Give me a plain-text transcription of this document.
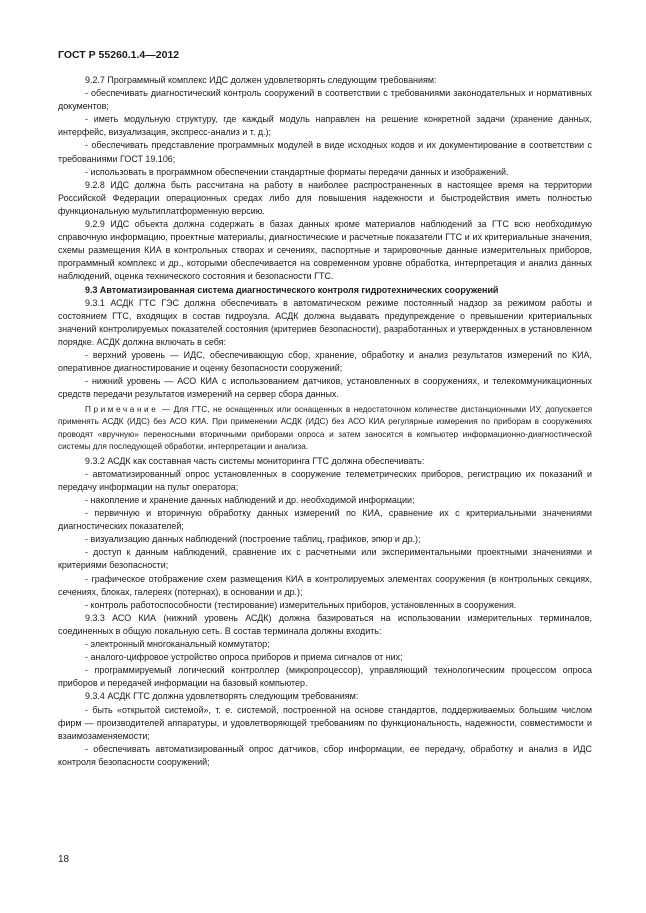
ГОСТ Р 55260.1.4—2012

9.2.7 Программный комплекс ИДС должен удовлетворять следующим требованиям:

- обеспечивать диагностический контроль сооружений в соответствии с требованиями законодательных и нормативных документов;

- иметь модульную структуру, где каждый модуль направлен на решение конкретной задачи (хранение данных, интерфейс, визуализация, экспресс-анализ и т. д.);

- обеспечивать представление программных модулей в виде исходных кодов и их документирование в соответствии с требованиями ГОСТ 19.106;

- использовать в программном обеспечении стандартные форматы передачи данных и изображений.

9.2.8 ИДС должна быть рассчитана на работу в наиболее распространенных в настоящее время на территории Российской Федерации операционных средах либо для повышения надежности и быстродействия иметь полностью функциональную мультиплатформенную версию.

9.2.9 ИДС объекта должна содержать в базах данных кроме материалов наблюдений за ГТС всю необходимую справочную информацию, проектные материалы, диагностические и расчетные показатели ГТС и их критериальные значения, схемы размещения КИА в контрольных створах и сечениях, паспортные и тарировочные данные измерительных приборов, программный комплекс и др., которыми обеспечивается на современном уровне обработка, интерпретация и анализ данных наблюдений, оценка технического состояния и безопасности ГТС.

9.3 Автоматизированная система диагностического контроля гидротехнических сооружений

9.3.1 АСДК ГТС ГЭС должна обеспечивать в автоматическом режиме постоянный надзор за режимом работы и состоянием ГТС, входящих в состав гидроузла. АСДК должна выдавать предупреждение о превышении критериальных значений контролируемых показателей состояния (критериев безопасности), разработанных и утвержденных в установленном порядке. АСДК должна включать в себя:

- верхний уровень — ИДС, обеспечивающую сбор, хранение, обработку и анализ результатов измерений по КИА, оперативное диагностирование и оценку безопасности сооружений;

- нижний уровень — АСО КИА с использованием датчиков, установленных в сооружениях, и телекоммуникационных средств передачи результатов измерений на сервер сбора данных.

Примечание — Для ГТС, не оснащенных или оснащенных в недостаточном количестве дистанционными ИУ, допускается применять АСДК (ИДС) без АСО КИА. При применении АСДК (ИДС) без АСО КИА регулярные измерения по приборам в сооружениях проводят «вручную» переносными вторичными приборами опроса и затем заносится в компьютер информационно-диагностической системы для последующей обработки, интерпретации и анализа.

9.3.2 АСДК как составная часть системы мониторинга ГТС должна обеспечивать:

- автоматизированный опрос установленных в сооружение телеметрических приборов, регистрацию их показаний и передачу информации на пульт оператора;

- накопление и хранение данных наблюдений и др. необходимой информации;

- первичную и вторичную обработку данных измерений по КИА, сравнение их с критериальными значениями диагностических показателей;

- визуализацию данных наблюдений (построение таблиц, графиков, эпюр и др.);

- доступ к данным наблюдений, сравнение их с расчетными или экспериментальными проектными значениями и критериями безопасности;

- графическое отображение схем размещения КИА в контролируемых элементах сооружения (в контрольных секциях, сечениях, блоках, галереях (потернах), в основании и др.);

- контроль работоспособности (тестирование) измерительных приборов, установленных в сооружения.

9.3.3 АСО КИА (нижний уровень АСДК) должна базироваться на использовании измерительных терминалов, соединенных в общую локальную сеть. В состав терминала должны входить:

- электронный многоканальный коммутатор;

- аналого-цифровое устройство опроса приборов и приема сигналов от них;

- программируемый логический контроллер (микропроцессор), управляющий технологическим процессом опроса приборов и передачей информации на базовый компьютер.

9.3.4 АСДК ГТС должна удовлетворять следующим требованиям:

- быть «открытой системой», т. е. системой, построенной на основе стандартов, поддерживаемых большим числом фирм — производителей аппаратуры, и удовлетворяющей требованиям по функциональность, надежности, совместимости и взаимозаменяемости;

- обеспечивать автоматизированный опрос датчиков, сбор информации, ее передачу, обработку и анализ в ИДС контроля безопасности сооружений;

18
